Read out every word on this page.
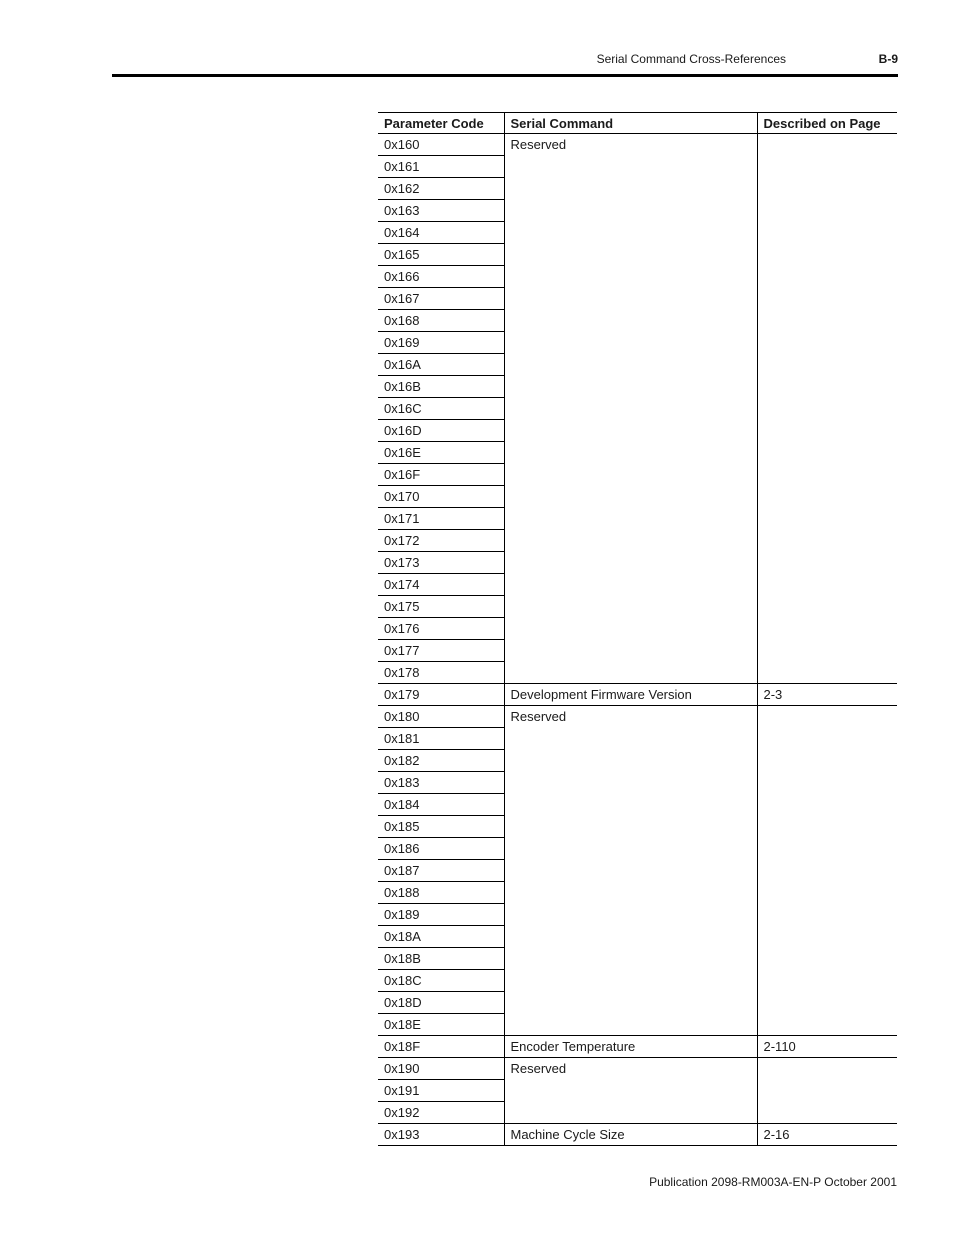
Serial Command Cross-References	B-9
Parameter Code	Serial Command	Described on Page
0x160	Reserved	
0x161		
0x162		
0x163		
0x164		
0x165		
0x166		
0x167		
0x168		
0x169		
0x16A		
0x16B		
0x16C		
0x16D		
0x16E		
0x16F		
0x170		
0x171		
0x172		
0x173		
0x174		
0x175		
0x176		
0x177		
0x178		
0x179	Development Firmware Version	2-3
0x180	Reserved	
0x181		
0x182		
0x183		
0x184		
0x185		
0x186		
0x187		
0x188		
0x189		
0x18A		
0x18B		
0x18C		
0x18D		
0x18E		
0x18F	Encoder Temperature	2-110
0x190	Reserved	
0x191		
0x192		
0x193	Machine Cycle Size	2-16
Publication 2098-RM003A-EN-P October 2001
